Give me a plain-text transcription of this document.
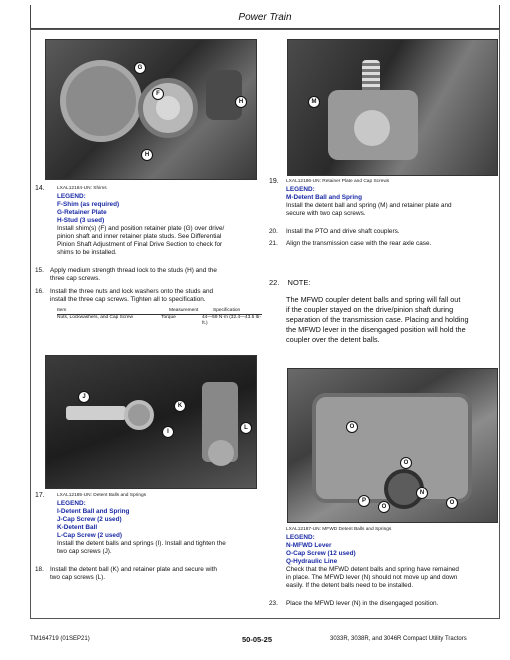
Power Train
G
F
H
H
14.	LXAL12184-UN: Shims
LEGEND:
F-Shim (as required)
G-Retainer Plate
H-Stud (3 used)
Install shim(s) (F) and position retainer plate (G) over drive/
pinion shaft and inner retainer plate studs. See Differential
Pinion Shaft Adjustment of Final Drive Section to check for
shims to be installed.
15. Apply medium strength thread lock to the studs (H) and the
three cap screws.
16. Install the three nuts and lock washers onto the studs and
install the three cap screws. Tighten all to specification.
Item	Measurement	Specification
Nuts, Lockwashers, and Cap Screw	Torque	44—59 N·m (32.4—43.5 lb-ft.)
J
K
I
L
17.	LXAL12185-UN: Detent Balls and Springs
LEGEND:
I-Detent Ball and Spring
J-Cap Screw (2 used)
K-Detent Ball
L-Cap Screw (2 used)
Install the detent balls and springs (I). Install and tighten the
two cap screws (J).
18. Install the detent ball (K) and retainer plate and secure with
two cap screws (L).
M
19. LXAL12186-UN: Retainer Plate and Cap Screws
LEGEND:
M-Detent Ball and Spring
Install the detent ball and spring (M) and retainer plate and
secure with two cap screws.
20. Install the PTO and drive shaft couplers.
21. Align the transmission case with the rear axle case.
22. NOTE:
The MFWD coupler detent balls and spring will fall out
if the coupler stayed on the drive/pinion shaft during
separation of the transmission case. Placing and holding
the MFWD lever in the disengaged position will hold the
coupler over the detent balls.
O
O
O
P
N
O
LXAL12187-UN: MFWD Detent Balls and Springs
LEGEND:
N-MFWD Lever
O-Cap Screw (12 used)
Q-Hydraulic Line
Check that the MFWD detent balls and spring have remained
in place. The MFWD lever (N) should not move up and down
easily. If the detent balls need to be installed.
23. Place the MFWD lever (N) in the disengaged position.
TM164719 (01SEP21)	50-05-25	3033R, 3038R, and 3046R Compact Utility Tractors
